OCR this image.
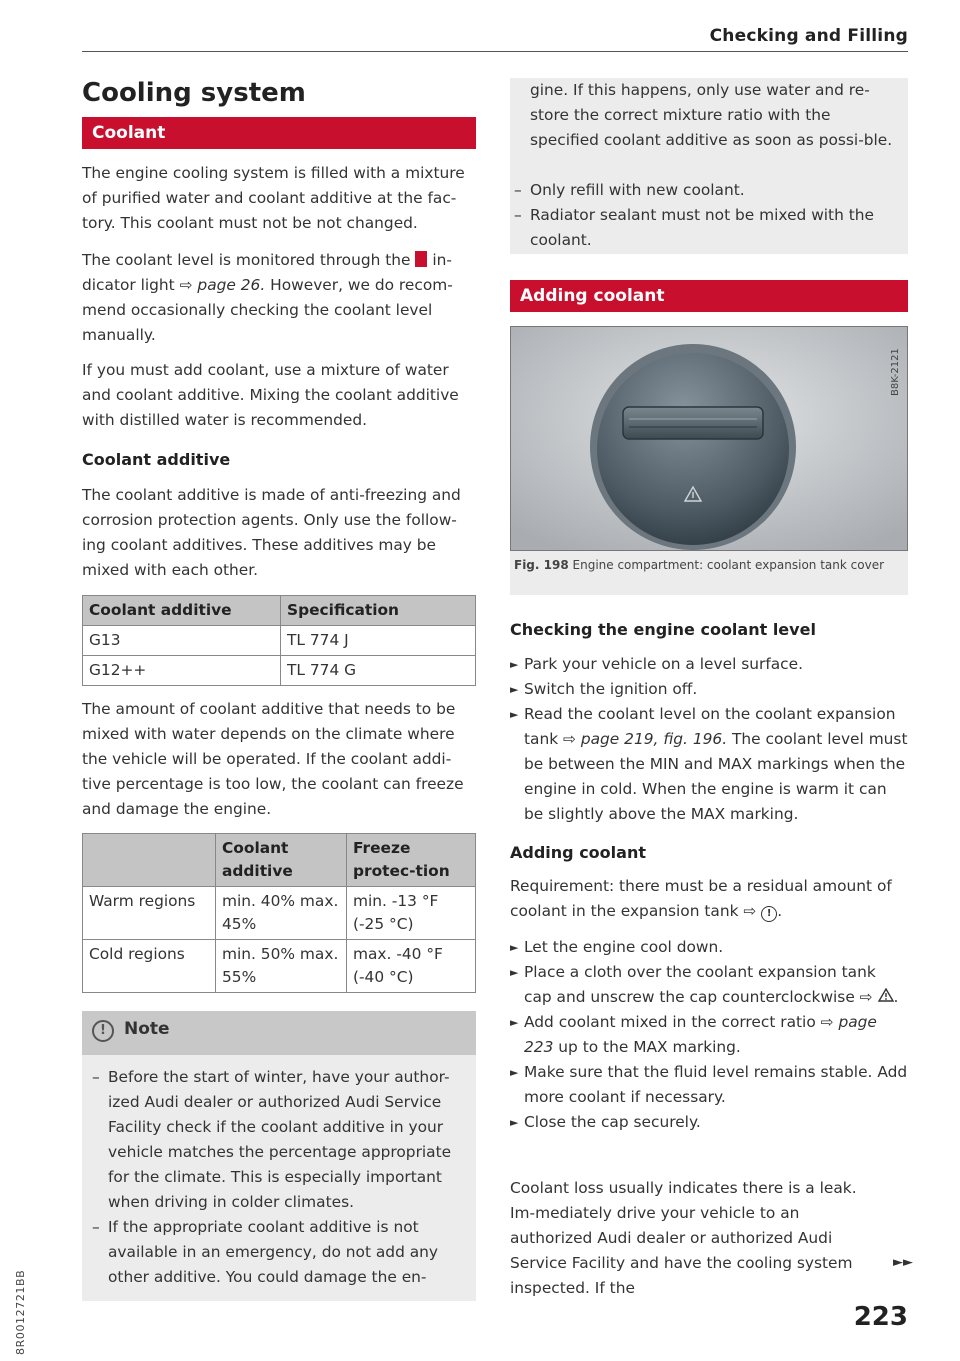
Checking and Filling
8R0012721BB
Cooling system
Coolant

The engine cooling system is filled with a mixture of purified water and coolant additive at the fac-tory. This coolant must not be not changed.

The coolant level is monitored through the in-dicator light ⇨ page 26. However, we do recom-mend occasionally checking the coolant level manually.

If you must add coolant, use a mixture of water and coolant additive. Mixing the coolant additive with distilled water is recommended.

Coolant additive

The coolant additive is made of anti-freezing and corrosion protection agents. Only use the follow-ing coolant additives. These additives may be mixed with each other.

Coolant additive	Specification
G13	TL 774 J
G12++	TL 774 G

The amount of coolant additive that needs to be mixed with water depends on the climate where the vehicle will be operated. If the coolant addi-tive percentage is too low, the coolant can freeze and damage the engine.

	Coolant additive	Freeze protec-tion
Warm regions	min. 40% max. 45%	min. -13 °F (-25 °C)
Cold regions	min. 50% max. 55%	max. -40 °F (-40 °C)
!	Note
– Before the start of winter, have your author-ized Audi dealer or authorized Audi Service Facility check if the coolant additive in your vehicle matches the percentage appropriate for the climate. This is especially important when driving in colder climates.
– If the appropriate coolant additive is not available in an emergency, do not add any other additive. You could damage the en-

gine. If this happens, only use water and re-store the correct mixture ratio with the specified coolant additive as soon as possi-ble.

– Only refill with new coolant.
– Radiator sealant must not be mixed with the coolant.
Adding coolant
B8K-2121
Fig. 198 Engine compartment: coolant expansion tank cover
Checking the engine coolant level
► Park your vehicle on a level surface.
► Switch the ignition off.
► Read the coolant level on the coolant expansion tank ⇨ page 219, fig. 196. The coolant level must be between the MIN and MAX markings when the engine in cold. When the engine is warm it can be slightly above the MAX marking.
Adding coolant

Requirement: there must be a residual amount of coolant in the expansion tank ⇨ ! .

► Let the engine cool down.
► Place a cloth over the coolant expansion tank cap and unscrew the cap counterclockwise ⇨ .
► Add coolant mixed in the correct ratio ⇨ page 223 up to the MAX marking.
► Make sure that the fluid level remains stable. Add more coolant if necessary.
► Close the cap securely.

Coolant loss usually indicates there is a leak. Im-mediately drive your vehicle to an authorized Audi dealer or authorized Audi Service Facility and have the cooling system inspected. If the

►►
223
